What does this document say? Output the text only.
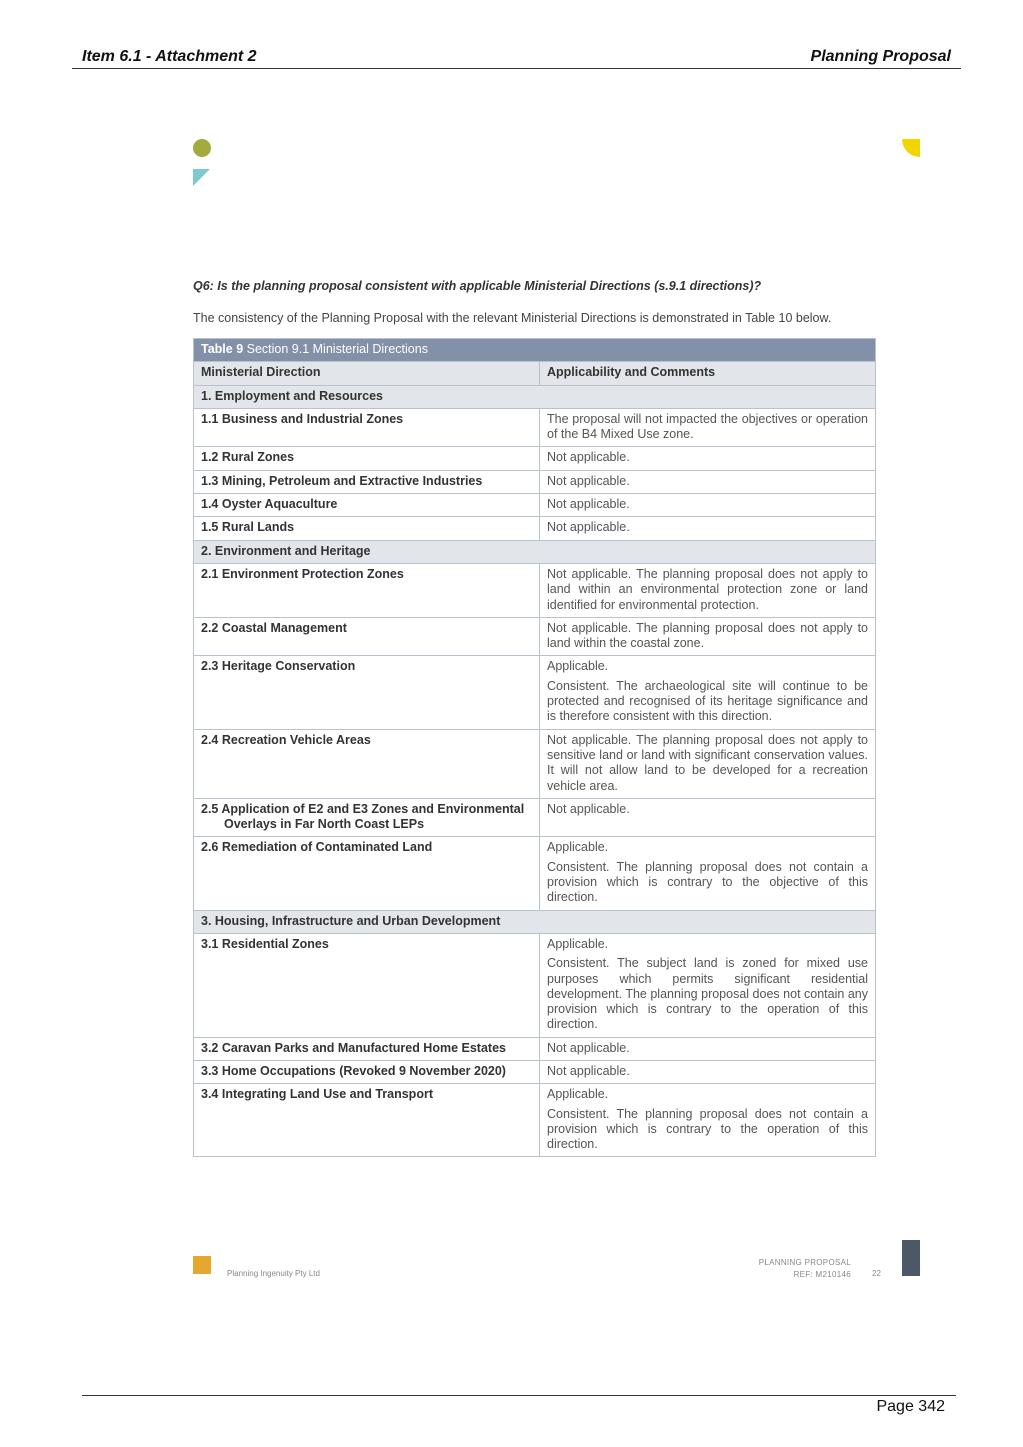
Item 6.1 - Attachment 2	Planning Proposal
Q6: Is the planning proposal consistent with applicable Ministerial Directions (s.9.1 directions)?
The consistency of the Planning Proposal with the relevant Ministerial Directions is demonstrated in Table 10 below.
Table 9 Section 9.1 Ministerial Directions	
Ministerial Direction	Applicability and Comments
1. Employment and Resources	
1.1 Business and Industrial Zones	The proposal will not impacted the objectives or operation of the B4 Mixed Use zone.
1.2 Rural Zones	Not applicable.
1.3 Mining, Petroleum and Extractive Industries	Not applicable.
1.4 Oyster Aquaculture	Not applicable.
1.5 Rural Lands	Not applicable.
2. Environment and Heritage	
2.1 Environment Protection Zones	Not applicable. The planning proposal does not apply to land within an environmental protection zone or land identified for environmental protection.
2.2 Coastal Management	Not applicable. The planning proposal does not apply to land within the coastal zone.
2.3 Heritage Conservation	Applicable.
Consistent. The archaeological site will continue to be protected and recognised of its heritage significance and is therefore consistent with this direction.

2.4 Recreation Vehicle Areas	Not applicable. The planning proposal does not apply to sensitive land or land with significant conservation values. It will not allow land to be developed for a recreation vehicle area.

2.5 Application of E2 and E3 Zones and Environmental Overlays in Far North Coast LEPs	Not applicable.
2.6 Remediation of Contaminated Land	Applicable.
Consistent. The planning proposal does not contain a provision which is contrary to the objective of this direction.

3. Housing, Infrastructure and Urban Development	
3.1 Residential Zones	Applicable.
Consistent. The subject land is zoned for mixed use purposes which permits significant residential development. The planning proposal does not contain any provision which is contrary to the operation of this direction.

3.2 Caravan Parks and Manufactured Home Estates	Not applicable.
3.3 Home Occupations (Revoked 9 November 2020)	Not applicable.
3.4 Integrating Land Use and Transport	Applicable.
Consistent. The planning proposal does not contain a provision which is contrary to the operation of this direction.
Planning Ingenuity Pty Ltd
PLANNING PROPOSAL
REF: M210146	22
Page 342
